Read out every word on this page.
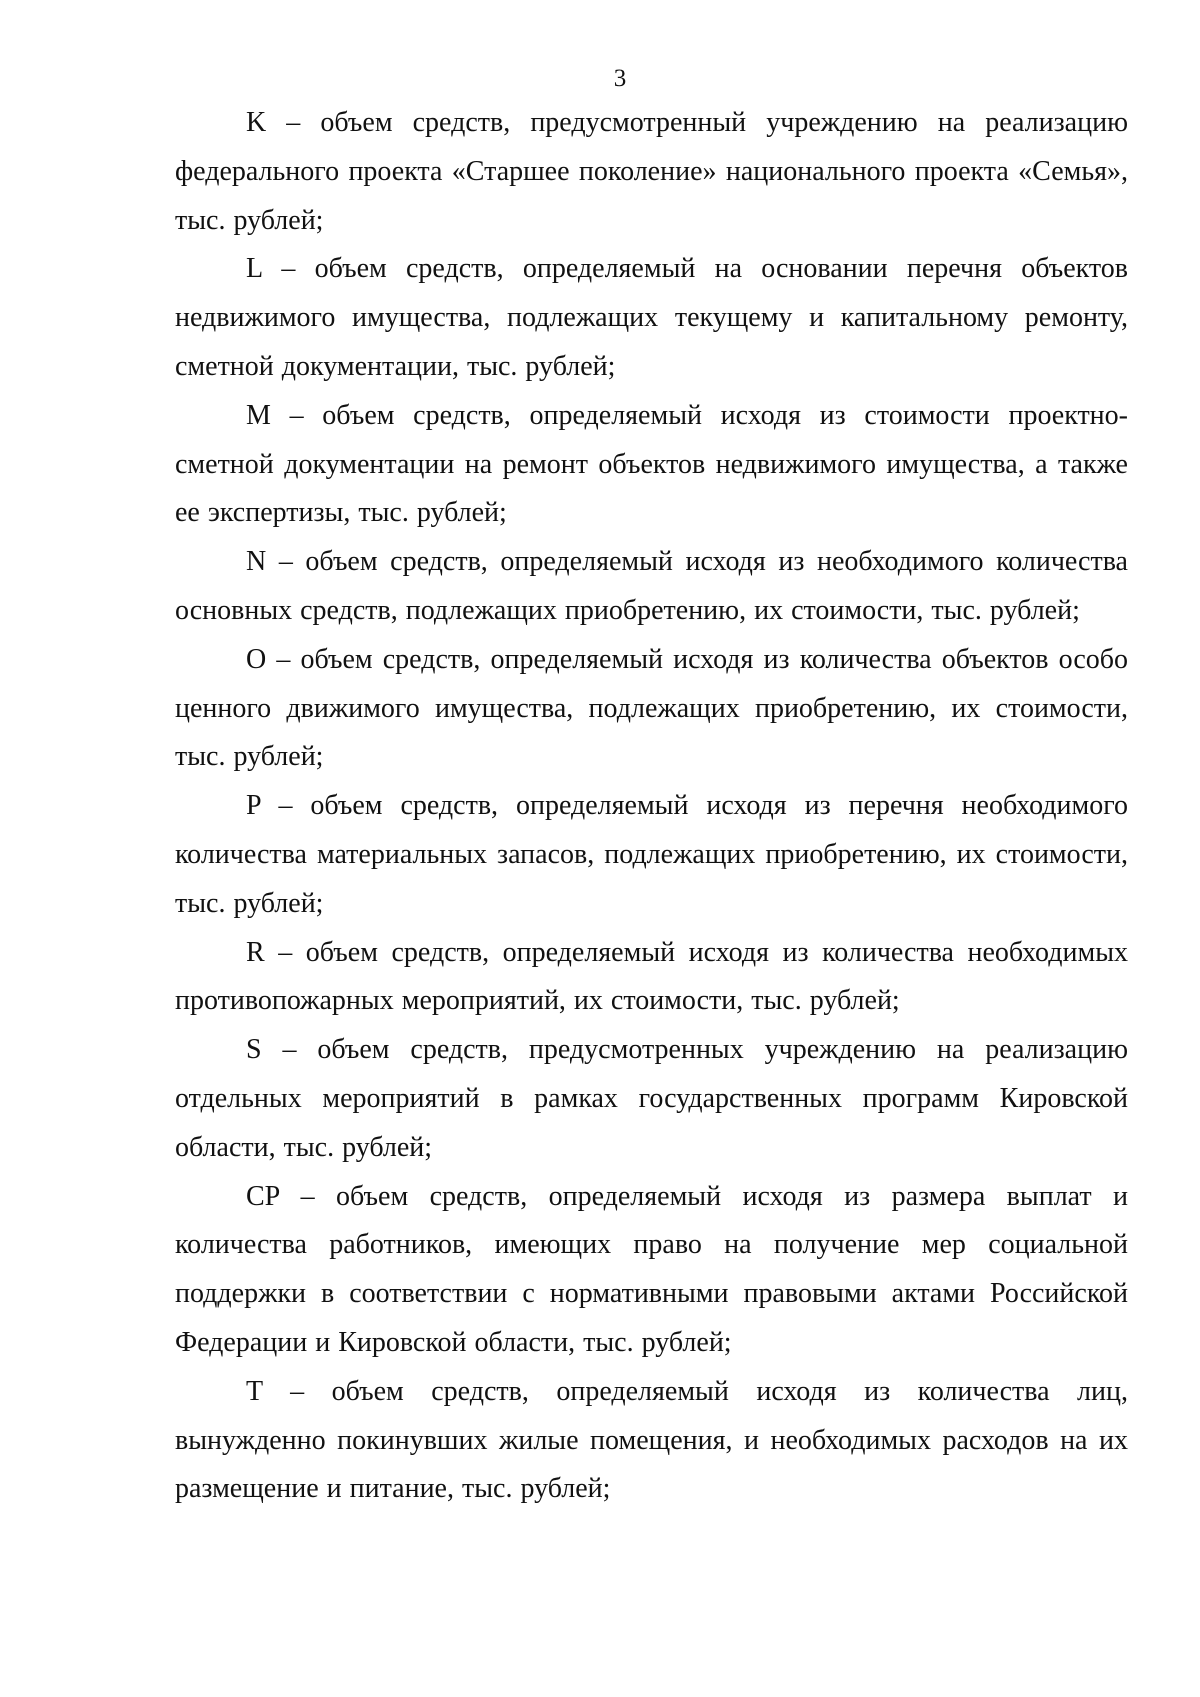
3

K – объем средств, предусмотренный учреждению на реализацию федерального проекта «Старшее поколение» национального проекта «Семья», тыс. рублей;

L – объем средств, определяемый на основании перечня объектов недвижимого имущества, подлежащих текущему и капитальному ремонту, сметной документации, тыс. рублей;

M – объем средств, определяемый исходя из стоимости проектно-сметной документации на ремонт объектов недвижимого имущества, а также ее экспертизы, тыс. рублей;

N – объем средств, определяемый исходя из необходимого количества основных средств, подлежащих приобретению, их стоимости, тыс. рублей;

O – объем средств, определяемый исходя из количества объектов особо ценного движимого имущества, подлежащих приобретению, их стоимости, тыс. рублей;

P – объем средств, определяемый исходя из перечня необходимого количества материальных запасов, подлежащих приобретению, их стоимости, тыс. рублей;

R – объем средств, определяемый исходя из количества необходимых противопожарных мероприятий, их стоимости, тыс. рублей;

S – объем средств, предусмотренных учреждению на реализацию отдельных мероприятий в рамках государственных программ Кировской области, тыс. рублей;

CP – объем средств, определяемый исходя из размера выплат и количества работников, имеющих право на получение мер социальной поддержки в соответствии с нормативными правовыми актами Российской Федерации и Кировской области, тыс. рублей;

T – объем средств, определяемый исходя из количества лиц, вынужденно покинувших жилые помещения, и необходимых расходов на их размещение и питание, тыс. рублей;
